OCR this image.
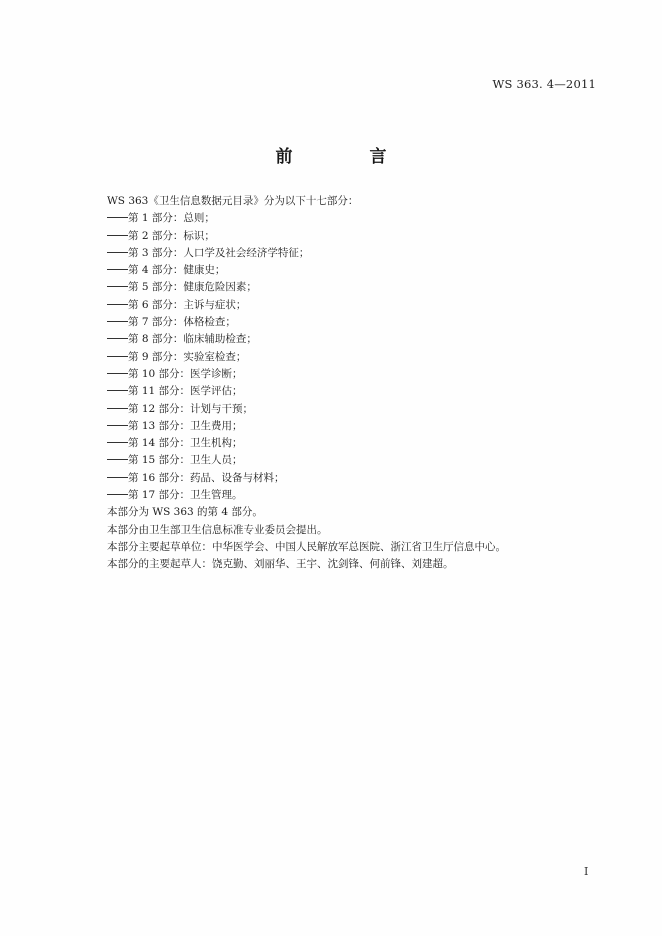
WS 363. 4—2011
前　言
WS 363《卫生信息数据元目录》分为以下十七部分：
第 1 部分：总则；
第 2 部分：标识；
第 3 部分：人口学及社会经济学特征；
第 4 部分：健康史；
第 5 部分：健康危险因素；
第 6 部分：主诉与症状；
第 7 部分：体格检查；
第 8 部分：临床辅助检查；
第 9 部分：实验室检查；
第 10 部分：医学诊断；
第 11 部分：医学评估；
第 12 部分：计划与干预；
第 13 部分：卫生费用；
第 14 部分：卫生机构；
第 15 部分：卫生人员；
第 16 部分：药品、设备与材料；
第 17 部分：卫生管理。
本部分为 WS 363 的第 4 部分。
本部分由卫生部卫生信息标准专业委员会提出。
本部分主要起草单位：中华医学会、中国人民解放军总医院、浙江省卫生厅信息中心。
本部分的主要起草人：饶克勤、刘丽华、王宇、沈剑锋、何前锋、刘建超。
I
